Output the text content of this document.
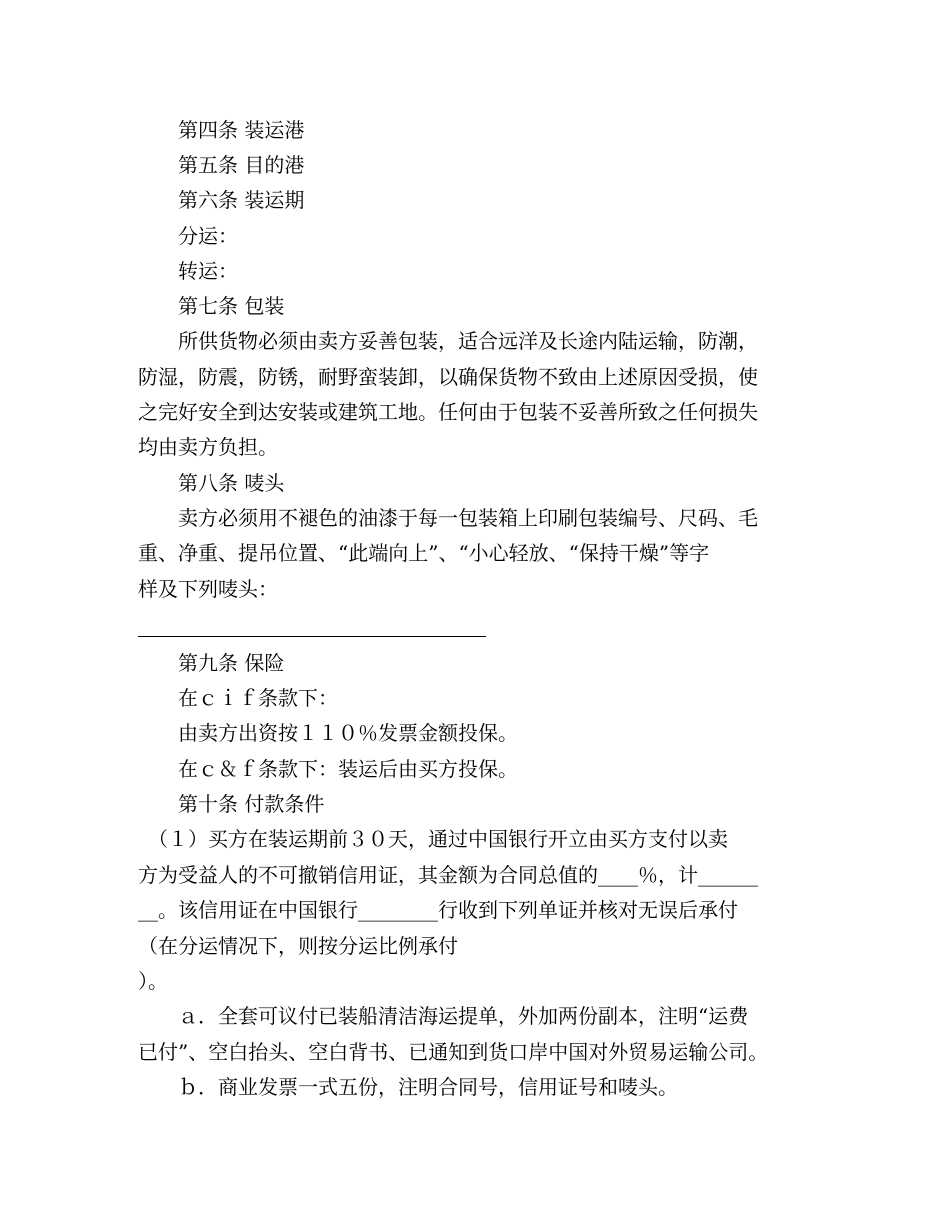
　　第四条 装运港
　　第五条 目的港
　　第六条 装运期
　　分运：
　　转运：
　　第七条 包装
　　所供货物必须由卖方妥善包装，适合远洋及长途内陆运输，防潮，
防湿，防震，防锈，耐野蛮装卸，以确保货物不致由上述原因受损，使
之完好安全到达安装或建筑工地。任何由于包装不妥善所致之任何损失
均由卖方负担。
　　第八条 唛头
　　卖方必须用不褪色的油漆于每一包装箱上印刷包装编号、尺码、毛
重、净重、提吊位置、“此端向上”、“小心轻放、“保持干燥”等字
样及下列唛头：
　　第九条 保险
　　在ｃｉｆ条款下：
　　由卖方出资按１１０％发票金额投保。
　　在ｃ＆ｆ条款下：装运后由买方投保。
　　第十条 付款条件
　（１）买方在装运期前３０天，通过中国银行开立由买方支付以卖
方为受益人的不可撤销信用证，其金额为合同总值的____％，计______
__。该信用证在中国银行________行收到下列单证并核对无误后承付
（在分运情况下，则按分运比例承付
）。
　　ａ．全套可议付已装船清洁海运提单，外加两份副本，注明“运费
已付”、空白抬头、空白背书、已通知到货口岸中国对外贸易运输公司。
　　ｂ．商业发票一式五份，注明合同号，信用证号和唛头。
